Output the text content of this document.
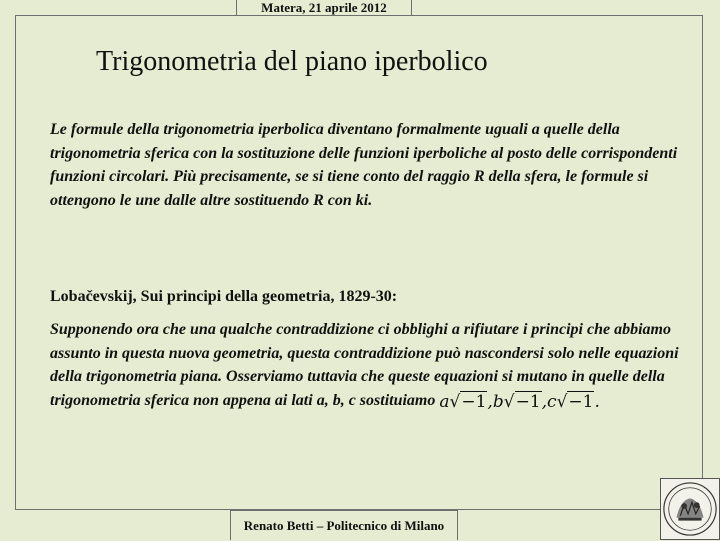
Matera, 21 aprile 2012
Trigonometria del piano iperbolico
Le formule della trigonometria iperbolica diventano formalmente uguali a quelle della trigonometria sferica con la sostituzione delle funzioni iperboliche al posto delle corrispondenti funzioni circolari. Più precisamente, se si tiene conto del raggio R della sfera, le formule si ottengono le une dalle altre sostituendo R con ki.
Lobačevskij, Sui principi della geometria, 1829-30:
Supponendo ora che una qualche contraddizione ci obblighi a rifiutare i principi che abbiamo assunto in questa nuova geometria, questa contraddizione può nascondersi solo nelle equazioni della trigonometria piana. Osserviamo tuttavia che queste equazioni si mutano in quelle della trigonometria sferica non appena ai lati a, b, c sostituiamo a√−1,b√−1,c√−1.
Renato Betti – Politecnico di Milano
